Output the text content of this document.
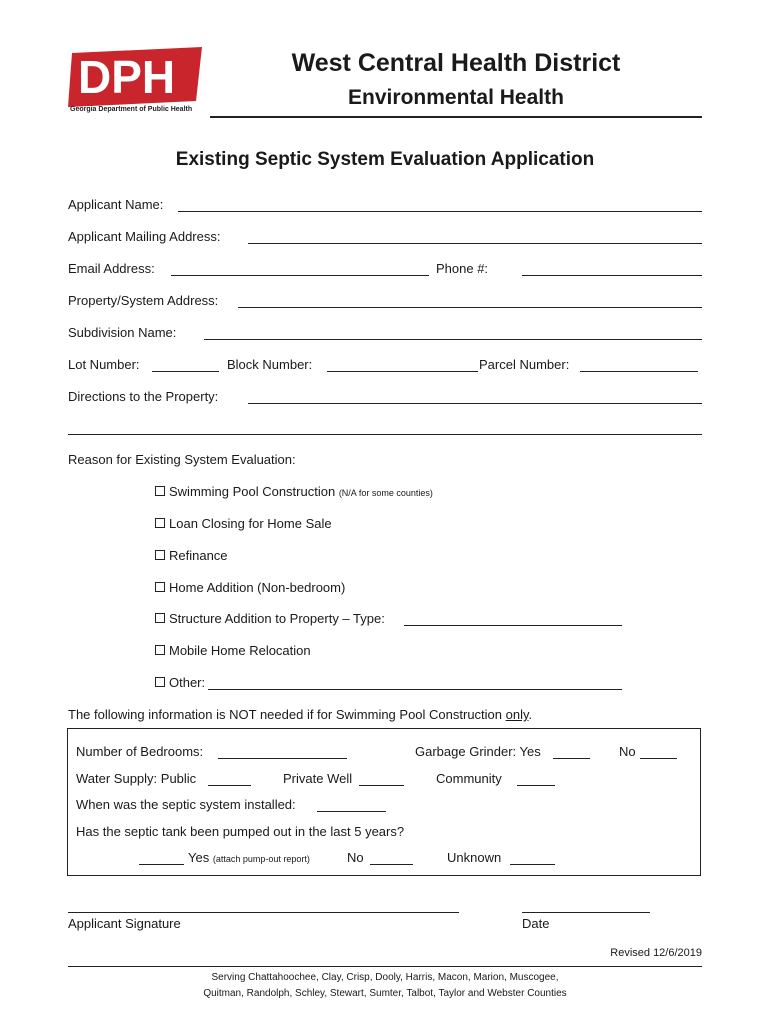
DPH
Georgia Department of Public Health
West Central Health District
Environmental Health
Existing Septic System Evaluation Application
Applicant Name:
Applicant Mailing Address:
Email Address:	Phone #:
Property/System Address:
Subdivision Name:
Lot Number:	Block Number:	Parcel Number:
Directions to the Property:
Reason for Existing System Evaluation:
Swimming Pool Construction (N/A for some counties)
Loan Closing for Home Sale
Refinance
Home Addition (Non-bedroom)
Structure Addition to Property – Type:
Mobile Home Relocation
Other:
The following information is NOT needed if for Swimming Pool Construction only.
Number of Bedrooms:	Garbage Grinder: Yes	No
Water Supply: Public	Private Well	Community
When was the septic system installed:
Has the septic tank been pumped out in the last 5 years?
Yes (attach pump-out report)	No	Unknown
Applicant Signature	Date
Revised 12/6/2019
Serving Chattahoochee, Clay, Crisp, Dooly, Harris, Macon, Marion, Muscogee,
Quitman, Randolph, Schley, Stewart, Sumter, Talbot, Taylor and Webster Counties
